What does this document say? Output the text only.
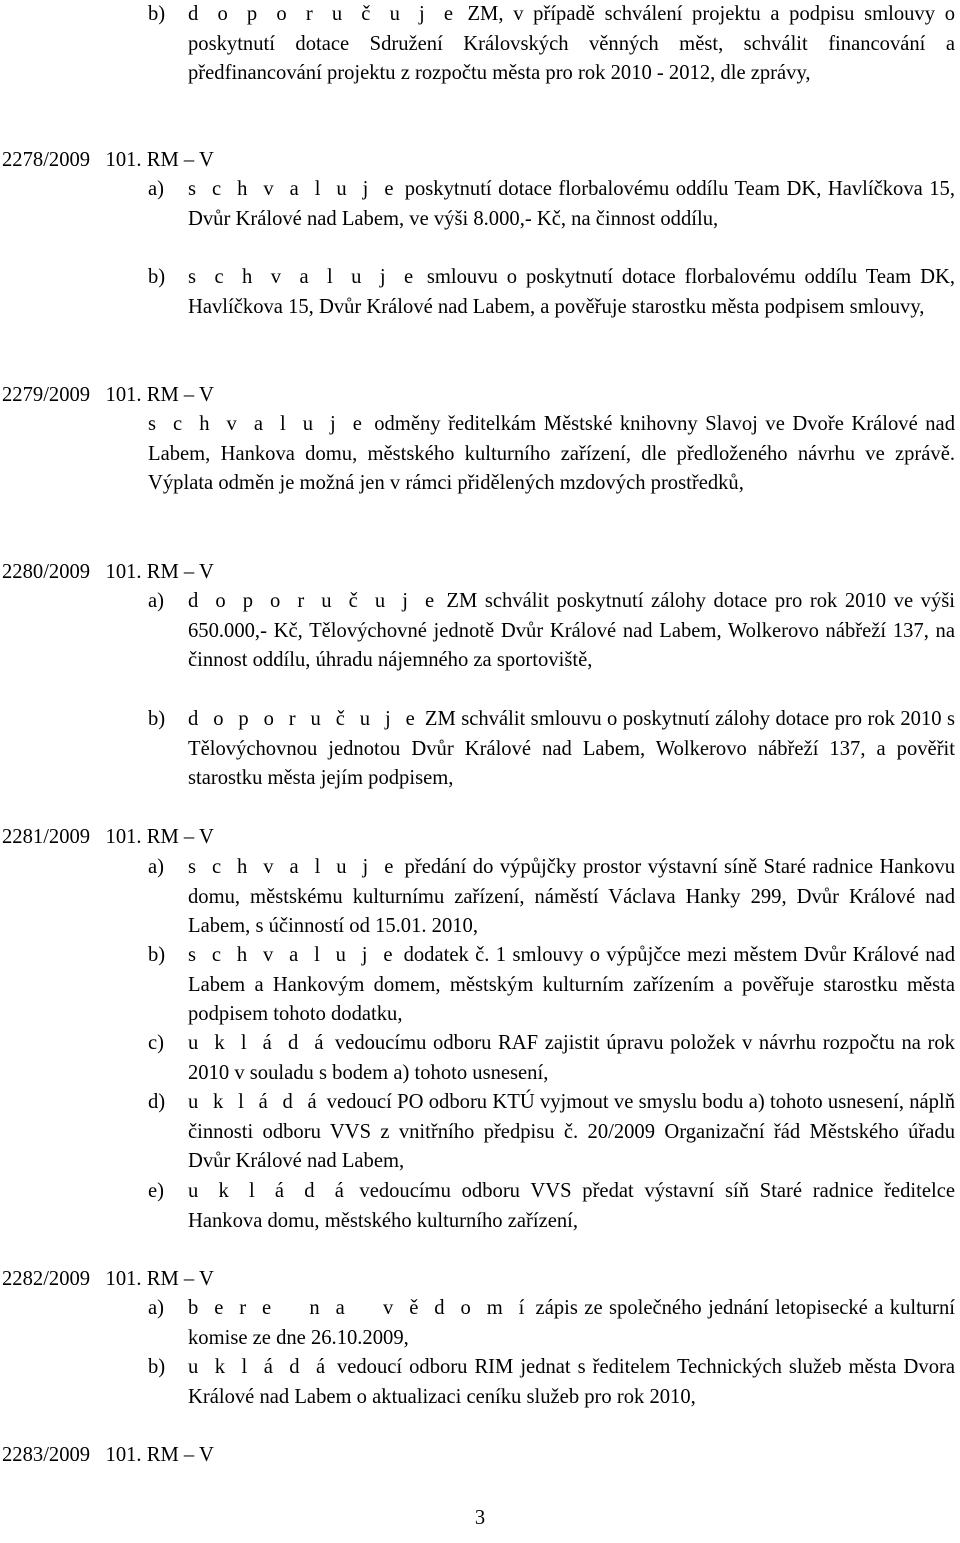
b) d o p o r u č u j e ZM, v případě schválení projektu a podpisu smlouvy o poskytnutí dotace Sdružení Královských věnných měst, schválit financování a předfinancování projektu z rozpočtu města pro rok 2010 - 2012, dle zprávy,
2278/2009   101. RM – V
a) s c h v a l u j e poskytnutí dotace florbalovému oddílu Team DK, Havlíčkova 15, Dvůr Králové nad Labem, ve výši 8.000,- Kč, na činnost oddílu,
b) s c h v a l u j e smlouvu o poskytnutí dotace florbalovému oddílu Team DK, Havlíčkova 15, Dvůr Králové nad Labem, a pověřuje starostku města podpisem smlouvy,
2279/2009   101. RM – V
s c h v a l u j e odměny ředitelkám Městské knihovny Slavoj ve Dvoře Králové nad Labem, Hankova domu, městského kulturního zařízení, dle předloženého návrhu ve zprávě. Výplata odměn je možná jen v rámci přidělených mzdových prostředků,
2280/2009   101. RM – V
a) d o p o r u č u j e ZM schválit poskytnutí zálohy dotace pro rok 2010 ve výši 650.000,- Kč, Tělovýchovné jednotě Dvůr Králové nad Labem, Wolkerovo nábřeží 137, na činnost oddílu, úhradu nájemného za sportoviště,
b) d o p o r u č u j e ZM schválit smlouvu o poskytnutí zálohy dotace pro rok 2010 s Tělovýchovnou jednotou Dvůr Králové nad Labem, Wolkerovo nábřeží 137, a pověřit starostku města jejím podpisem,
2281/2009   101. RM – V
a) s c h v a l u j e předání do výpůjčky prostor výstavní síně Staré radnice Hankovu domu, městskému kulturnímu zařízení, náměstí Václava Hanky 299, Dvůr Králové nad Labem, s účinností od 15.01. 2010,
b) s c h v a l u j e dodatek č. 1 smlouvy o výpůjčce mezi městem Dvůr Králové nad Labem a Hankovým domem, městským kulturním zařízením a pověřuje starostku města podpisem tohoto dodatku,
c) u k l á d á vedoucímu odboru RAF zajistit úpravu položek v návrhu rozpočtu na rok 2010 v souladu s bodem a) tohoto usnesení,
d) u k l á d á vedoucí PO odboru KTÚ vyjmout ve smyslu bodu a) tohoto usnesení, náplň činnosti odboru VVS z vnitřního předpisu č. 20/2009 Organizační řád Městského úřadu Dvůr Králové nad Labem,
e) u k l á d á vedoucímu odboru VVS předat výstavní síň Staré radnice ředitelce Hankova domu, městského kulturního zařízení,
2282/2009   101. RM – V
a) b e r e   n a   v ě d o m í zápis ze společného jednání letopisecké a kulturní komise ze dne 26.10.2009,
b) u k l á d á vedoucí odboru RIM jednat s ředitelem Technických služeb města Dvora Králové nad Labem o aktualizaci ceníku služeb pro rok 2010,
2283/2009   101. RM – V
3
